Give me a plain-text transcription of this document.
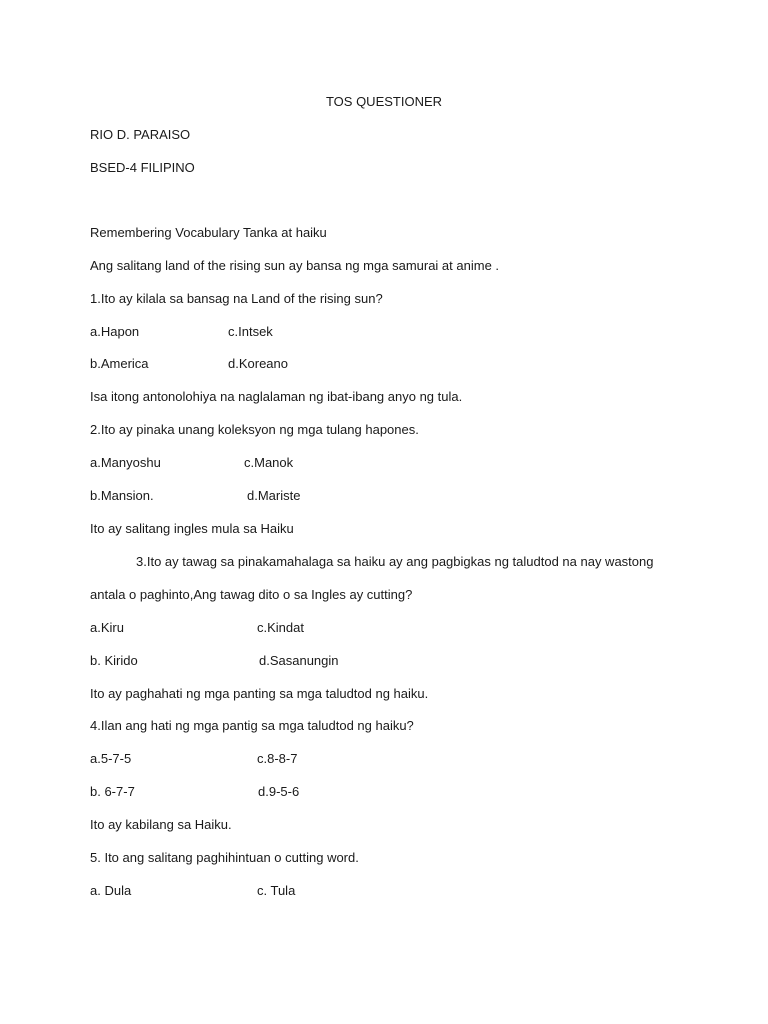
TOS QUESTIONER
RIO D. PARAISO
BSED-4 FILIPINO
Remembering Vocabulary Tanka at haiku
Ang salitang land of the rising sun ay bansa ng mga samurai at anime .
1.Ito ay kilala sa bansag na Land of the rising sun?
a.Hapon	c.Intsek
b.America	d.Koreano
Isa itong antonolohiya na naglalaman ng ibat-ibang anyo ng tula.
2.Ito ay pinaka unang koleksyon ng mga tulang hapones.
a.Manyoshu	c.Manok
b.Mansion.	d.Mariste
Ito ay salitang ingles mula sa Haiku
3.Ito ay tawag sa pinakamahalaga sa haiku ay ang pagbigkas ng taludtod na nay wastong
antala o paghinto,Ang tawag dito o sa Ingles ay cutting?
a.Kiru	c.Kindat
b. Kirido	d.Sasanungin
Ito ay paghahati ng mga panting sa mga taludtod ng haiku.
4.Ilan ang hati ng mga pantig sa mga taludtod ng haiku?
a.5-7-5	c.8-8-7
b. 6-7-7	d.9-5-6
Ito ay kabilang sa Haiku.
5. Ito ang salitang paghihintuan o cutting word.
a. Dula	c. Tula
